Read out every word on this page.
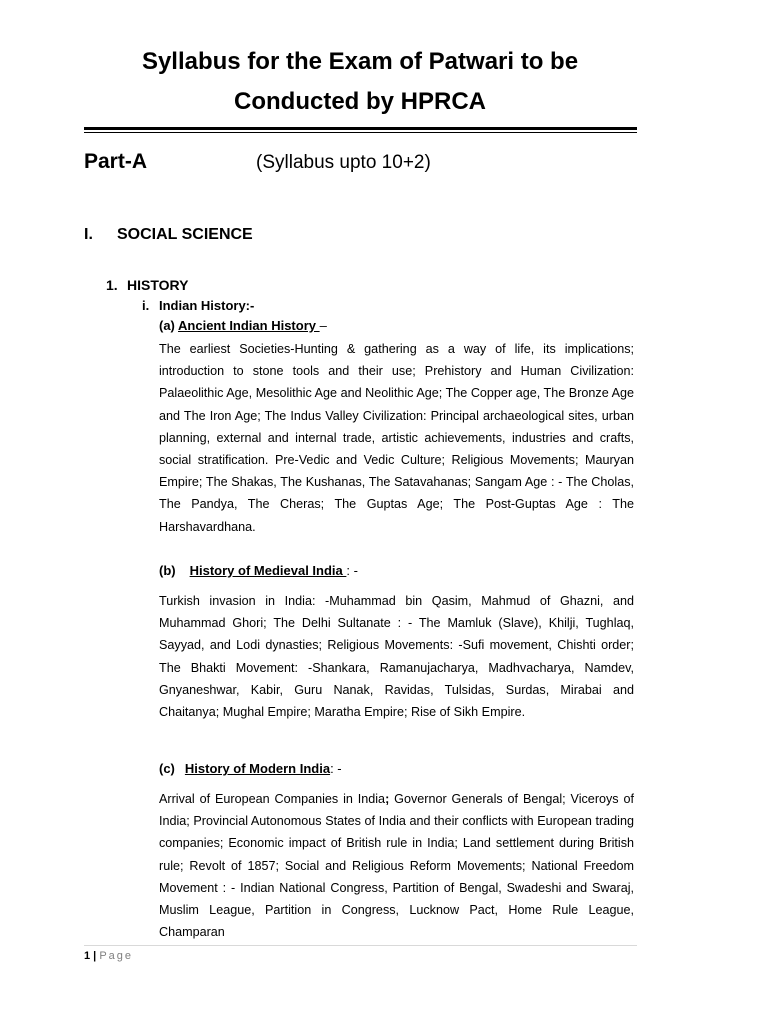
Syllabus for the Exam of Patwari to be
Conducted by HPRCA
Part-A	(Syllabus upto 10+2)
I. SOCIAL SCIENCE
1. HISTORY
i. Indian History:-
(a) Ancient Indian History –
The earliest Societies-Hunting & gathering as a way of life, its implications; introduction to stone tools and their use; Prehistory and Human Civilization: Palaeolithic Age, Mesolithic Age and Neolithic Age; The Copper age, The Bronze Age and The Iron Age; The Indus Valley Civilization: Principal archaeological sites, urban planning, external and internal trade, artistic achievements, industries and crafts, social stratification. Pre-Vedic and Vedic Culture; Religious Movements; Mauryan Empire; The Shakas, The Kushanas, The Satavahanas; Sangam Age : - The Cholas, The Pandya, The Cheras; The Guptas Age; The Post-Guptas Age : The Harshavardhana.
(b) History of Medieval India : -
Turkish invasion in India: -Muhammad bin Qasim, Mahmud of Ghazni, and Muhammad Ghori; The Delhi Sultanate : - The Mamluk (Slave), Khilji, Tughlaq, Sayyad, and Lodi dynasties; Religious Movements: -Sufi movement, Chishti order; The Bhakti Movement: -Shankara, Ramanujacharya, Madhvacharya, Namdev, Gnyaneshwar, Kabir, Guru Nanak, Ravidas, Tulsidas, Surdas, Mirabai and Chaitanya; Mughal Empire; Maratha Empire; Rise of Sikh Empire.
(c) History of Modern India: -
Arrival of European Companies in India; Governor Generals of Bengal; Viceroys of India; Provincial Autonomous States of India and their conflicts with European trading companies; Economic impact of British rule in India; Land settlement during British rule; Revolt of 1857; Social and Religious Reform Movements; National Freedom Movement : - Indian National Congress, Partition of Bengal, Swadeshi and Swaraj, Muslim League, Partition in Congress, Lucknow Pact, Home Rule League, Champaran
1 | Page
